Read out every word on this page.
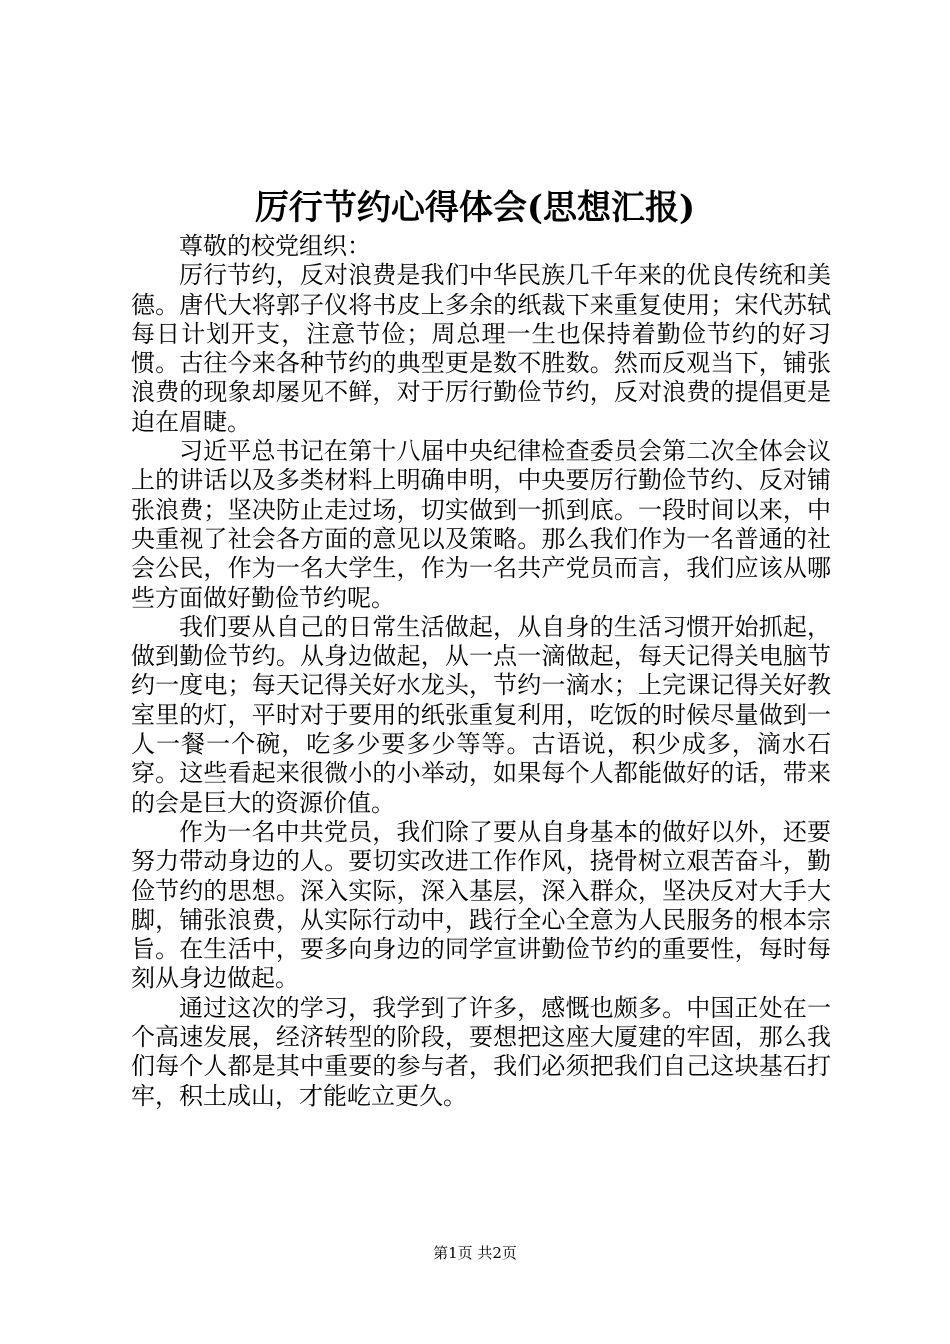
厉行节约心得体会(思想汇报)

尊敬的校党组织：

厉行节约，反对浪费是我们中华民族几千年来的优良传统和美德。唐代大将郭子仪将书皮上多余的纸裁下来重复使用；宋代苏轼每日计划开支，注意节俭；周总理一生也保持着勤俭节约的好习惯。古往今来各种节约的典型更是数不胜数。然而反观当下，铺张浪费的现象却屡见不鲜，对于厉行勤俭节约，反对浪费的提倡更是迫在眉睫。

习近平总书记在第十八届中央纪律检查委员会第二次全体会议上的讲话以及多类材料上明确申明，中央要厉行勤俭节约、反对铺张浪费；坚决防止走过场，切实做到一抓到底。一段时间以来，中央重视了社会各方面的意见以及策略。那么我们作为一名普通的社会公民，作为一名大学生，作为一名共产党员而言，我们应该从哪些方面做好勤俭节约呢。

我们要从自己的日常生活做起，从自身的生活习惯开始抓起，做到勤俭节约。从身边做起，从一点一滴做起，每天记得关电脑节约一度电；每天记得关好水龙头，节约一滴水；上完课记得关好教室里的灯，平时对于要用的纸张重复利用，吃饭的时候尽量做到一人一餐一个碗，吃多少要多少等等。古语说，积少成多，滴水石穿。这些看起来很微小的小举动，如果每个人都能做好的话，带来的会是巨大的资源价值。

作为一名中共党员，我们除了要从自身基本的做好以外，还要努力带动身边的人。要切实改进工作作风，挠骨树立艰苦奋斗，勤俭节约的思想。深入实际，深入基层，深入群众，坚决反对大手大脚，铺张浪费，从实际行动中，践行全心全意为人民服务的根本宗旨。在生活中，要多向身边的同学宣讲勤俭节约的重要性，每时每刻从身边做起。

通过这次的学习，我学到了许多，感慨也颇多。中国正处在一个高速发展，经济转型的阶段，要想把这座大厦建的牢固，那么我们每个人都是其中重要的参与者，我们必须把我们自己这块基石打牢，积土成山，才能屹立更久。

第1页 共2页
